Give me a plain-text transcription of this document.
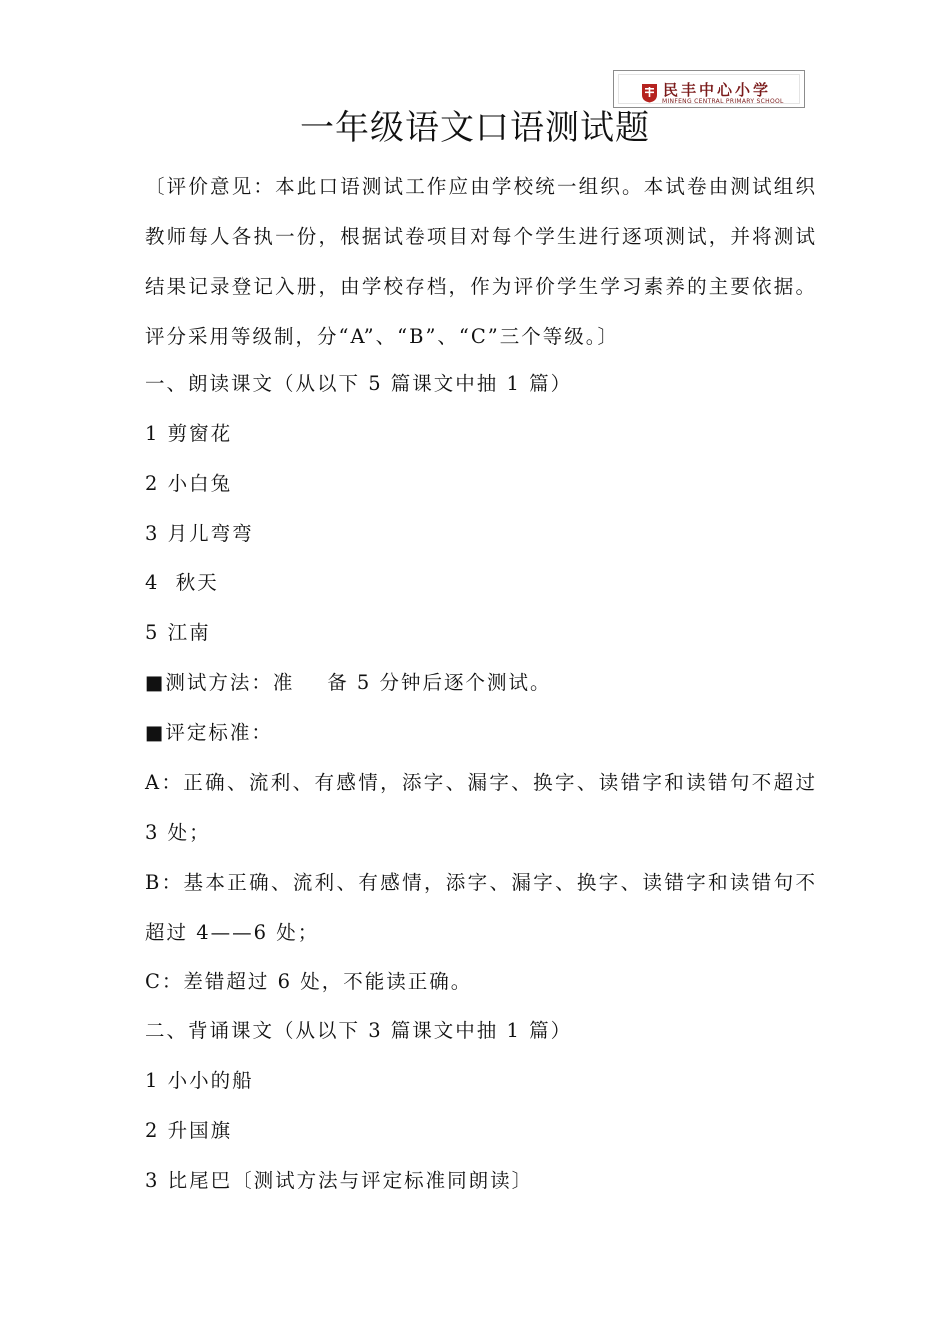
民丰中心小学
MINFENG CENTRAL PRIMARY SCHOOL
一年级语文口语测试题
〔评价意见：本此口语测试工作应由学校统一组织。本试卷由测试组织教师每人各执一份，根据试卷项目对每个学生进行逐项测试，并将测试结果记录登记入册，由学校存档，作为评价学生学习素养的主要依据。评分采用等级制，分“A”、“B”、“C”三个等级。〕

一、朗读课文（从以下 5 篇课文中抽 1 篇）

1 剪窗花

2 小白兔

3 月儿弯弯

4  秋天

5 江南

■测试方法：准    备 5 分钟后逐个测试。

■评定标准：

A：正确、流利、有感情，添字、漏字、换字、读错字和读错句不超过 3 处；
B：基本正确、流利、有感情，添字、漏字、换字、读错字和读错句不超过 4——6 处；

C：差错超过 6 处，不能读正确。

二、背诵课文（从以下 3 篇课文中抽 1 篇）

1 小小的船

2 升国旗

3 比尾巴〔测试方法与评定标准同朗读〕
